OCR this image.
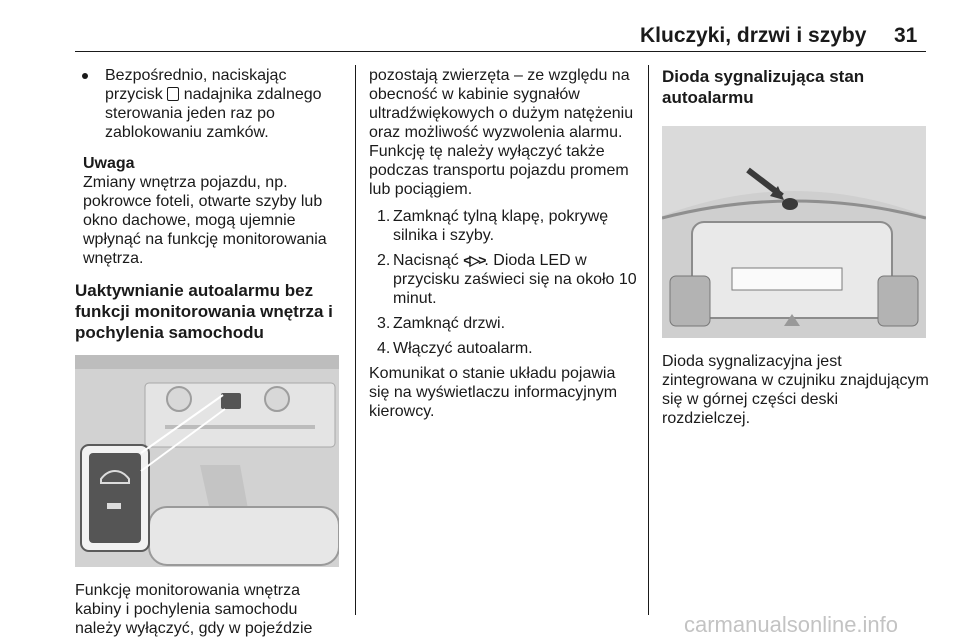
Kluczyki, drzwi i szyby 31
Bezpośrednio, naciskając przycisk nadajnika zdalnego sterowania jeden raz po zablokowaniu zamków.
Uwaga
Zmiany wnętrza pojazdu, np. pokrowce foteli, otwarte szyby lub okno dachowe, mogą ujemnie wpłynąć na funkcję monitorowania wnętrza.
Uaktywnianie autoalarmu bez funkcji monitorowania wnętrza i pochylenia samochodu
Funkcję monitorowania wnętrza kabiny i pochylenia samochodu należy wyłączyć, gdy w pojeździe
pozostają zwierzęta – ze względu na obecność w kabinie sygnałów ultradźwiękowych o dużym natężeniu oraz możliwość wyzwolenia alarmu. Funkcję tę należy wyłączyć także podczas transportu pojazdu promem lub pociągiem.
1. Zamknąć tylną klapę, pokrywę silnika i szyby.
2. Nacisnąć <▷>. Dioda LED w przycisku zaświeci się na około 10 minut.
3. Zamknąć drzwi.
4. Włączyć autoalarm.
Komunikat o stanie układu pojawia się na wyświetlaczu informacyjnym kierowcy.
Dioda sygnalizująca stan autoalarmu
Dioda sygnalizacyjna jest zintegrowana w czujniku znajdującym się w górnej części deski rozdzielczej.
carmanualsonline.info
